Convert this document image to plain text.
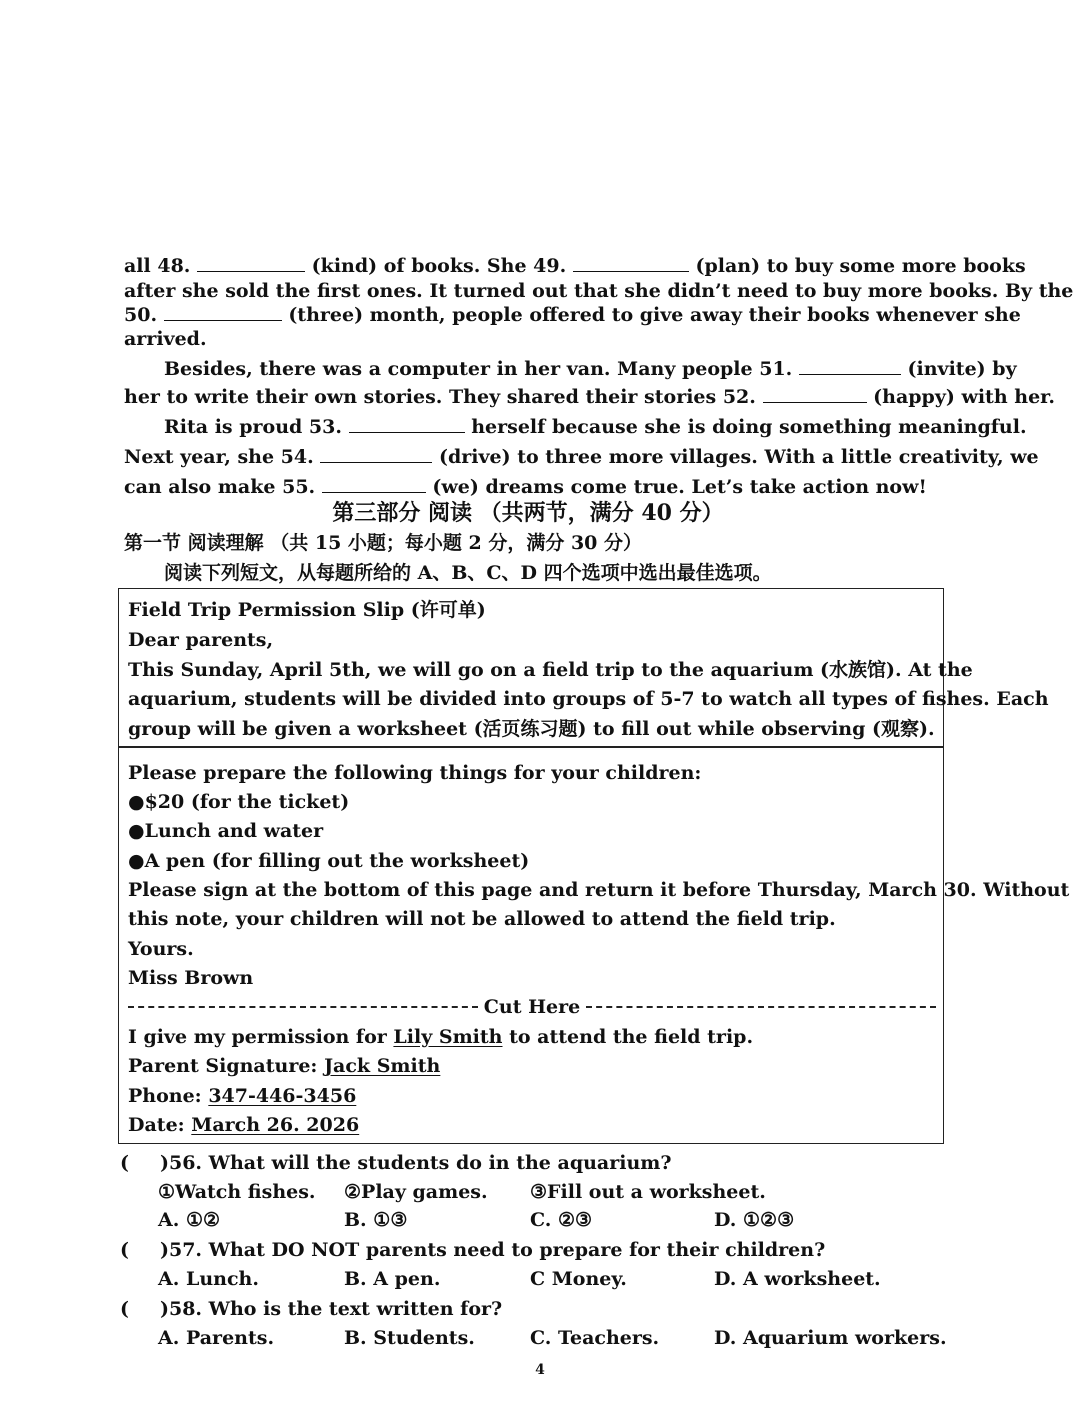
all 48.	(kind) of books. She 49.	(plan) to buy some more books
after she sold the first ones. It turned out that she didn’t need to buy more books. By the
50.	(three) month, people offered to give away their books whenever she
arrived.
Besides, there was a computer in her van. Many people 51.	(invite) by
her to write their own stories. They shared their stories 52.	(happy) with her.
Rita is proud 53.	herself because she is doing something meaningful.
Next year, she 54.	(drive) to three more villages. With a little creativity, we
can also make 55.	(we) dreams come true. Let’s take action now!
第三部分 阅读 （共两节，满分 40 分）
第一节 阅读理解 （共 15 小题；每小题 2 分，满分 30 分）
阅读下列短文，从每题所给的 A、B、C、D 四个选项中选出最佳选项。
Field Trip Permission Slip (许可单)
Dear parents,
This Sunday, April 5th, we will go on a field trip to the aquarium (水族馆). At the
aquarium, students will be divided into groups of 5-7 to watch all types of fishes. Each
group will be given a worksheet (活页练习题) to fill out while observing (观察).
Please prepare the following things for your children:
●$20 (for the ticket)
●Lunch and water
●A pen (for filling out the worksheet)
Please sign at the bottom of this page and return it before Thursday, March 30. Without
this note, your children will not be allowed to attend the field trip.
Yours.
Miss Brown
Cut Here
I give my permission for Lily Smith to attend the field trip.
Parent Signature: Jack Smith
Phone: 347-446-3456
Date: March 26. 2026
( )56. What will the students do in the aquarium?
①Watch fishes. ②Play games. ③Fill out a worksheet.
A. ①②	B. ①③	C. ②③	D. ①②③
( )57. What DO NOT parents need to prepare for their children?
A. Lunch.	B. A pen.	C Money.	D. A worksheet.
( )58. Who is the text written for?
A. Parents.	B. Students.	C. Teachers.	D. Aquarium workers.
4
